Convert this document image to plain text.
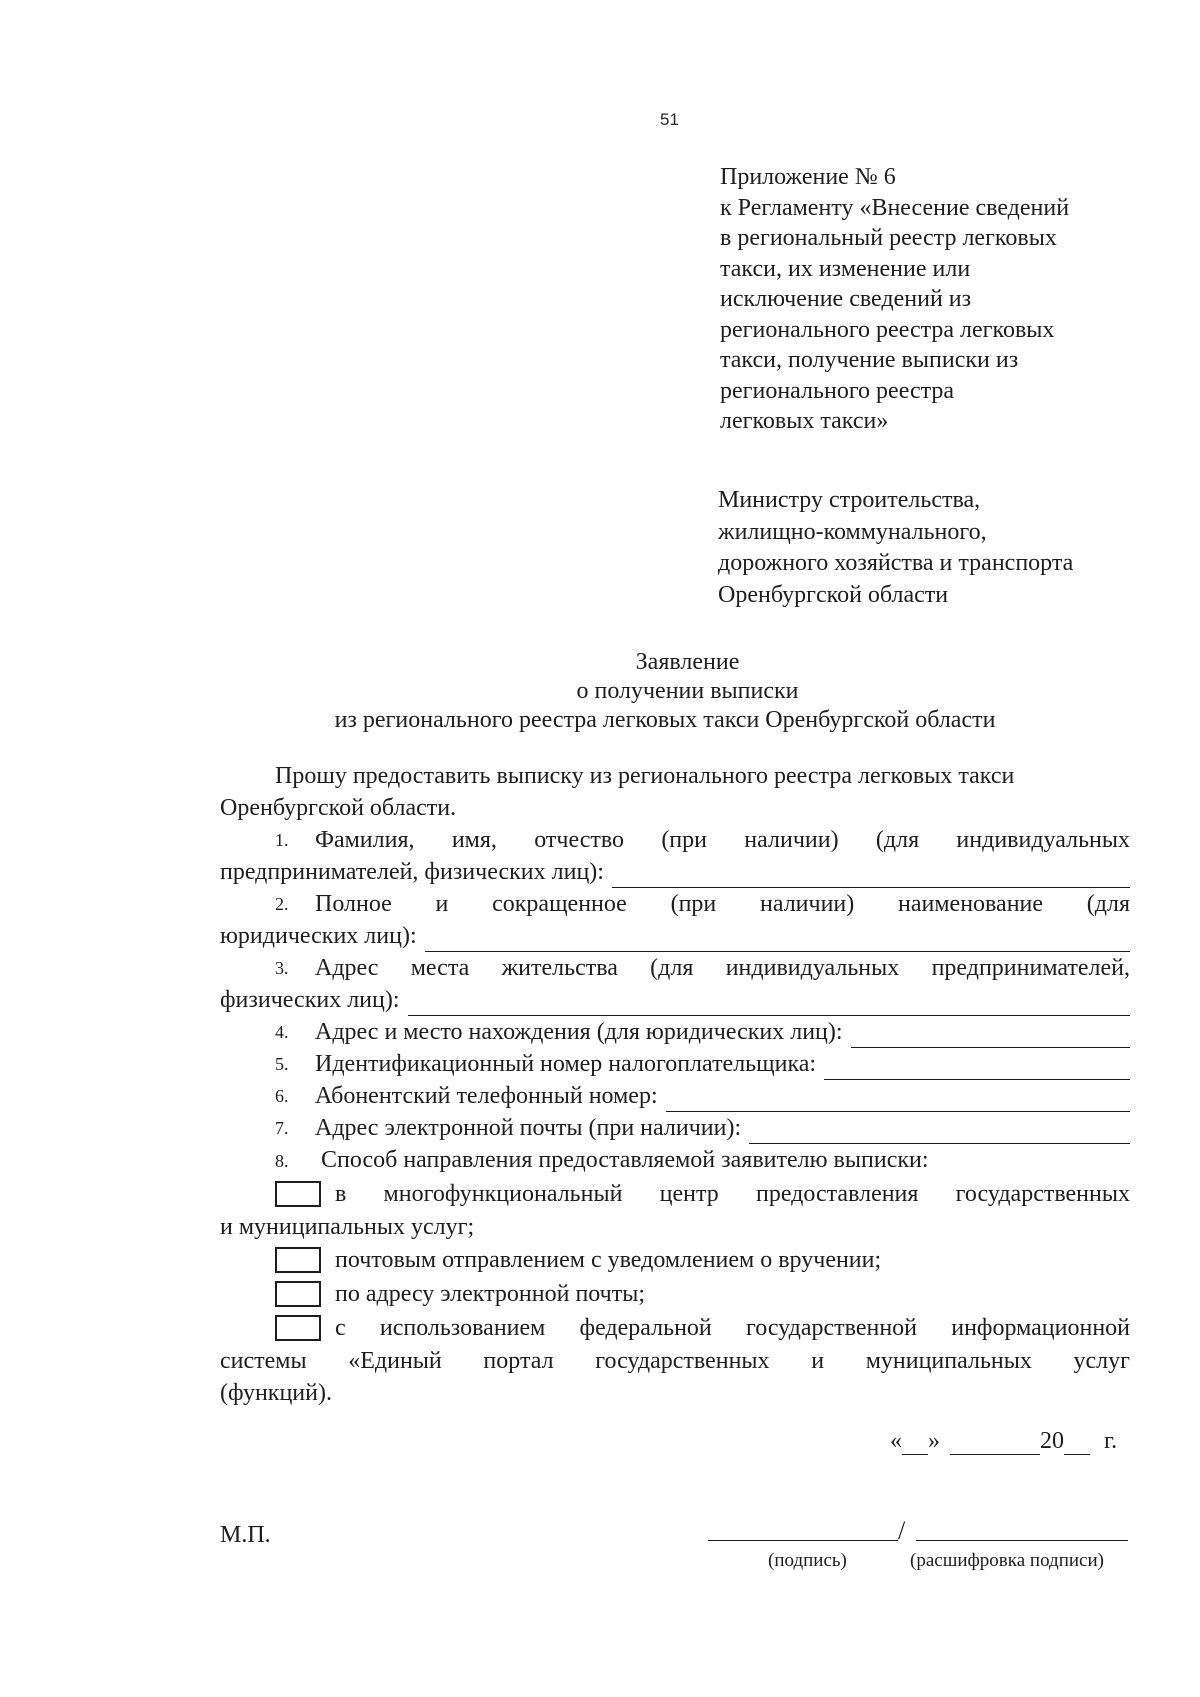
51
Приложение № 6
к Регламенту «Внесение сведений
в региональный реестр легковых
такси, их изменение или
исключение сведений из
регионального реестра легковых
такси, получение выписки из
регионального реестра
легковых такси»
Министру строительства,
жилищно-коммунального,
дорожного хозяйства и транспорта
Оренбургской области
Заявление
о получении выписки
из регионального реестра легковых такси Оренбургской области
Прошу предоставить выписку из регионального реестра легковых такси
Оренбургской области.
1.	Фамилия, имя, отчество (при наличии) (для индивидуальных
предпринимателей, физических лиц):
2.	Полное и сокращенное (при наличии) наименование (для
юридических лиц):
3.	Адрес места жительства (для индивидуальных предпринимателей,
физических лиц):
4.	Адрес и место нахождения (для юридических лиц):
5.	Идентификационный номер налогоплательщика:
6.	Абонентский телефонный номер:
7.	Адрес электронной почты (при наличии):
8. Способ направления предоставляемой заявителю выписки:
в многофункциональный центр предоставления государственных
и муниципальных услуг;
почтовым отправлением с уведомлением о вручении;
по адресу электронной почты;
с использованием федеральной государственной информационной
системы «Единый портал государственных и муниципальных услуг
(функций).
« »	20 г.
М.П.	/
(подпись)	(расшифровка подписи)
